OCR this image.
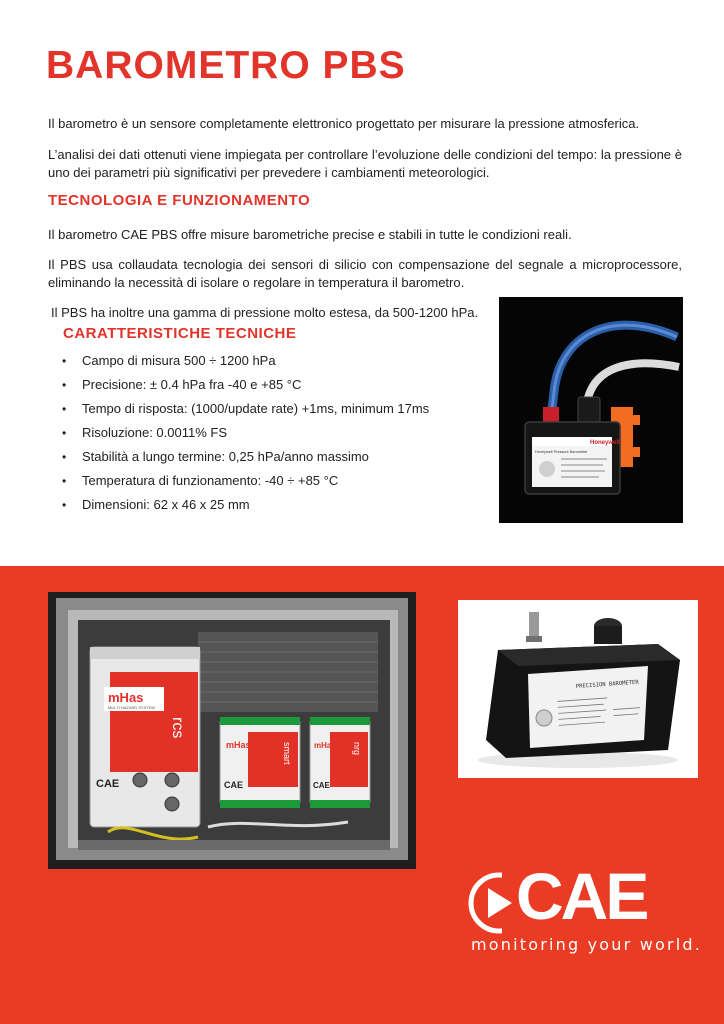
BAROMETRO PBS

Il barometro è un sensore completamente elettronico progettato per misurare la pressione atmosferica.

L’analisi dei dati ottenuti viene impiegata per controllare l’evoluzione delle condizioni del tempo: la pressione è uno dei parametri più significativi per prevedere i cambiamenti meteorologici.

TECNOLOGIA E FUNZIONAMENTO

Il barometro CAE PBS offre misure barometriche precise e stabili in tutte le condizioni reali.

Il PBS usa collaudata tecnologia dei sensori di silicio con compensazione del segnale a microprocessore, eliminando la necessità di isolare o regolare in temperatura il barometro.

Il PBS ha inoltre una gamma di pressione molto estesa, da 500-1200 hPa.

CARATTERISTICHE TECNICHE
• Campo di misura 500 ÷ 1200 hPa
• Precisione: ± 0.4 hPa fra -40 e +85 °C
• Tempo di risposta: (1000/update rate) +1ms, minimum 17ms
• Risoluzione: 0.0011% FS
• Stabilità a lungo termine: 0,25 hPa/anno massimo
• Temperatura di funzionamento: -40 ÷ +85 °C
• Dimensioni: 62 x 46 x 25 mm
Honeywell
Honeywell Pressure Barometer
mHas
MULTI HAZARD SYSTEM
rcs
CAE
mHas	smart
CAE
mHas nrg
CAE
PRECISION BAROMETER
CAE

monitoring your world.
